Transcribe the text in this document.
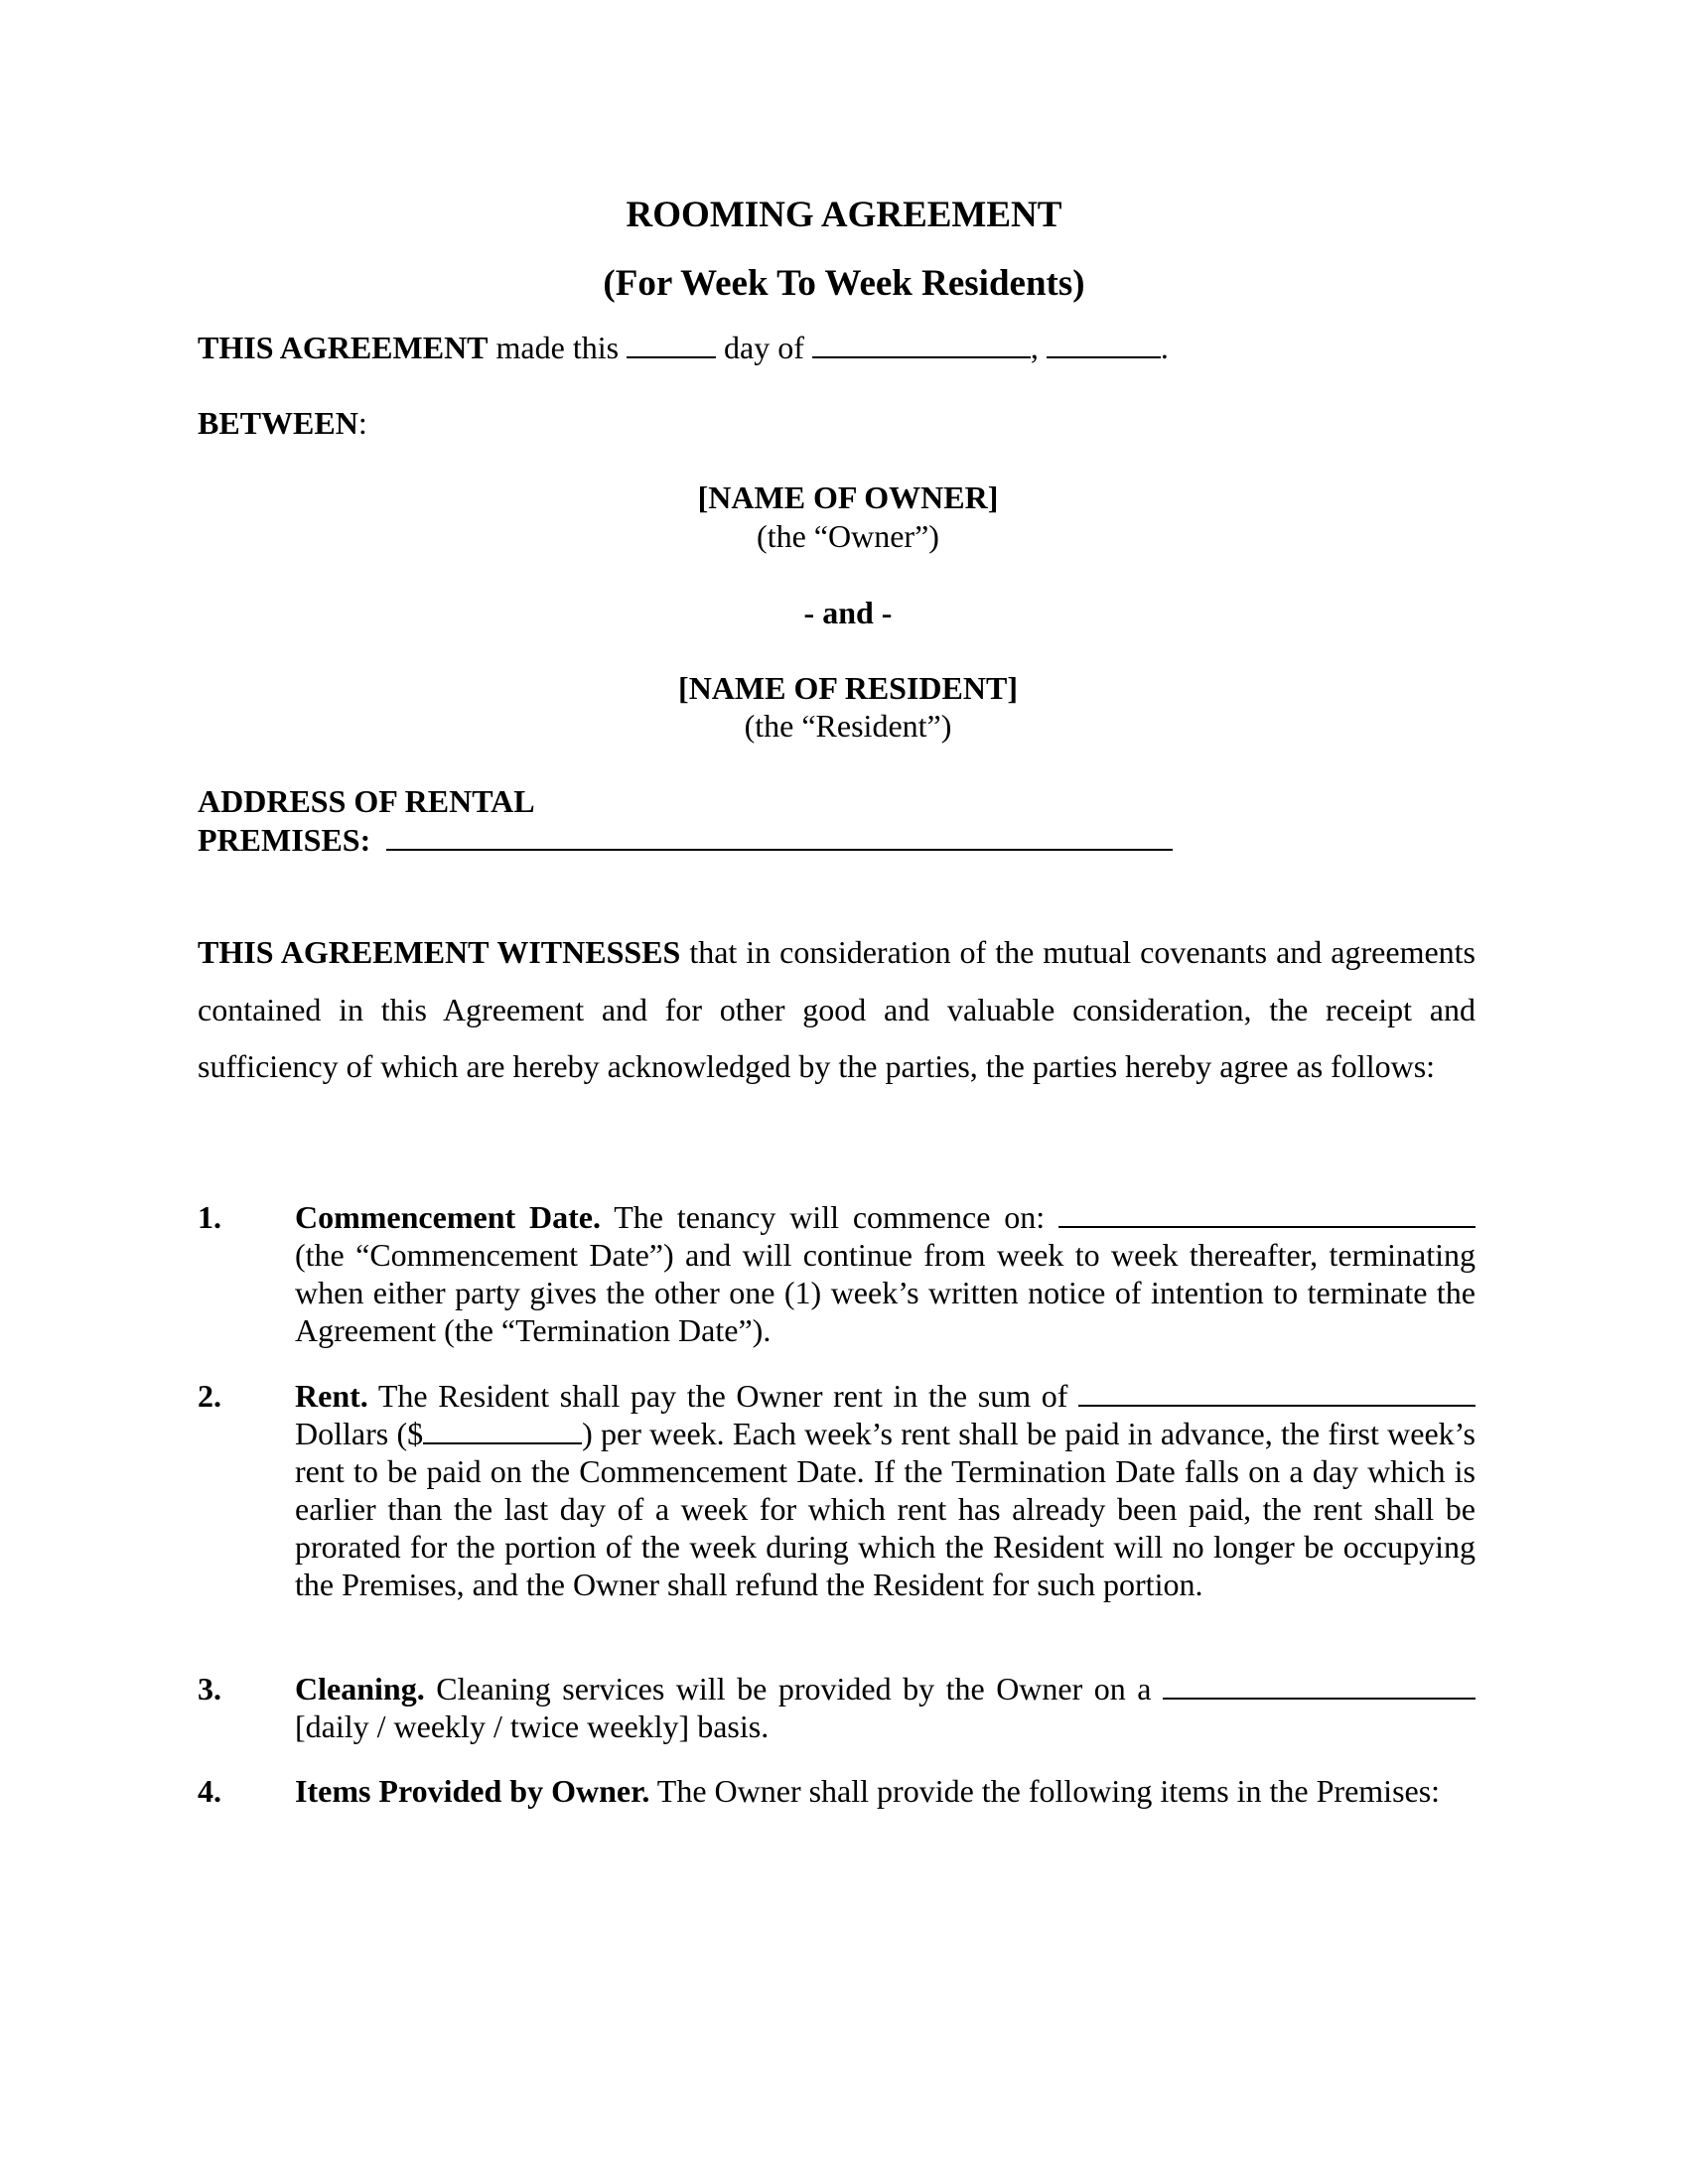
ROOMING AGREEMENT
(For Week To Week Residents)
THIS AGREEMENT made this	day of	,	.
BETWEEN:
[NAME OF OWNER]
(the “Owner”)
- and -
[NAME OF RESIDENT]
(the “Resident”)
ADDRESS OF RENTAL
PREMISES:
THIS AGREEMENT WITNESSES that in consideration of the mutual covenants and agreements contained in this Agreement and for other good and valuable consideration, the receipt and sufficiency of which are hereby acknowledged by the parties, the parties hereby agree as follows:
1. Commencement Date. The tenancy will commence on:  (the “Commencement Date”) and will continue from week to week thereafter, terminating when either party gives the other one (1) week’s written notice of intention to terminate the Agreement (the “Termination Date”).
2. Rent. The Resident shall pay the Owner rent in the sum of  Dollars ($	) per week. Each week’s rent shall be paid in advance, the first week’s rent to be paid on the Commencement Date. If the Termination Date falls on a day which is earlier than the last day of a week for which rent has already been paid, the rent shall be prorated for the portion of the week during which the Resident will no longer be occupying the Premises, and the Owner shall refund the Resident for such portion.
3. Cleaning. Cleaning services will be provided by the Owner on a [daily / weekly / twice weekly] basis.
4. Items Provided by Owner. The Owner shall provide the following items in the Premises:
